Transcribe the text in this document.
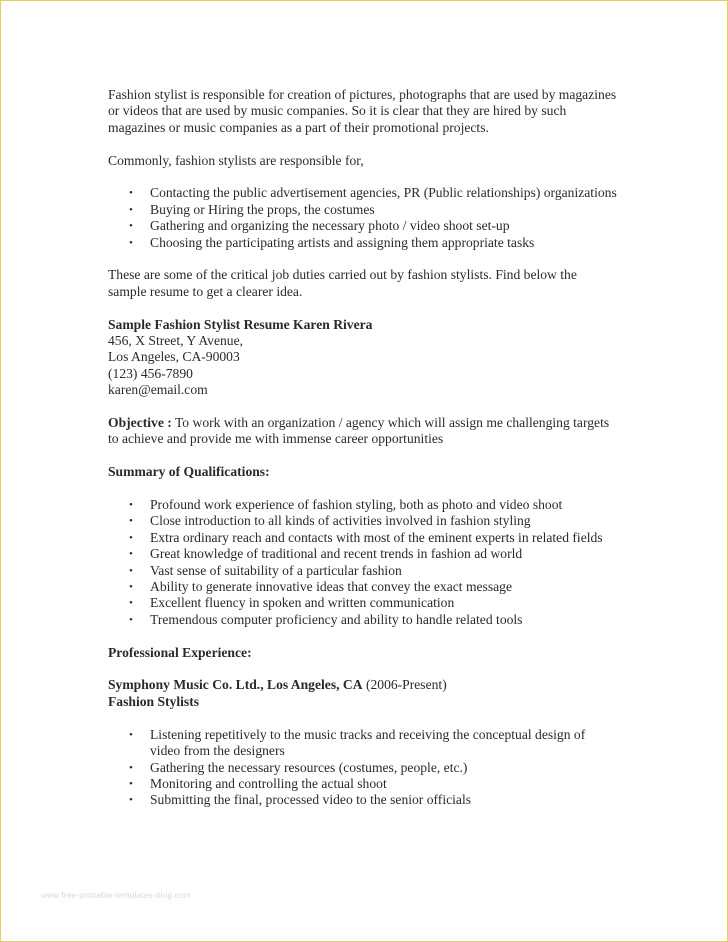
Fashion stylist is responsible for creation of pictures, photographs that are used by magazines or videos that are used by music companies. So it is clear that they are hired by such magazines or music companies as a part of their promotional projects.

Commonly, fashion stylists are responsible for,

• Contacting the public advertisement agencies, PR (Public relationships) organizations
• Buying or Hiring the props, the costumes
• Gathering and organizing the necessary photo / video shoot set-up
• Choosing the participating artists and assigning them appropriate tasks

These are some of the critical job duties carried out by fashion stylists. Find below the sample resume to get a clearer idea.

Sample Fashion Stylist Resume Karen Rivera

456, X Street, Y Avenue,

Los Angeles, CA-90003

(123) 456-7890

karen@email.com

Objective : To work with an organization / agency which will assign me challenging targets to achieve and provide me with immense career opportunities

Summary of Qualifications:

• Profound work experience of fashion styling, both as photo and video shoot
• Close introduction to all kinds of activities involved in fashion styling
• Extra ordinary reach and contacts with most of the eminent experts in related fields
• Great knowledge of traditional and recent trends in fashion ad world
• Vast sense of suitability of a particular fashion
• Ability to generate innovative ideas that convey the exact message
• Excellent fluency in spoken and written communication
• Tremendous computer proficiency and ability to handle related tools

Professional Experience:

Symphony Music Co. Ltd., Los Angeles, CA (2006-Present)

Fashion Stylists

• Listening repetitively to the music tracks and receiving the conceptual design of video from the designers
• Gathering the necessary resources (costumes, people, etc.)
• Monitoring and controlling the actual shoot
• Submitting the final, processed video to the senior officials
www.free-printable-templates-blog.com
